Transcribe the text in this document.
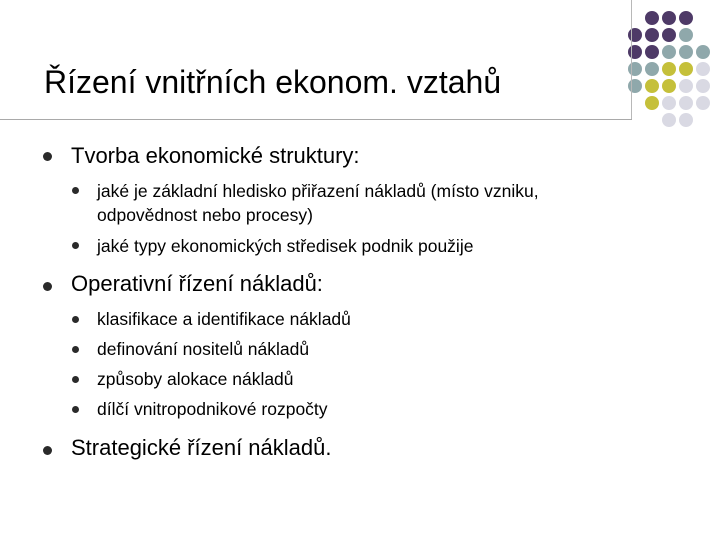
Řízení vnitřních ekonom. vztahů
Tvorba ekonomické struktury:
jaké je základní hledisko přiřazení nákladů (místo vzniku,
odpovědnost nebo procesy)
jaké typy ekonomických středisek podnik použije
Operativní řízení nákladů:
klasifikace a identifikace nákladů
definování nositelů nákladů
způsoby alokace nákladů
dílčí vnitropodnikové rozpočty
Strategické řízení nákladů.
